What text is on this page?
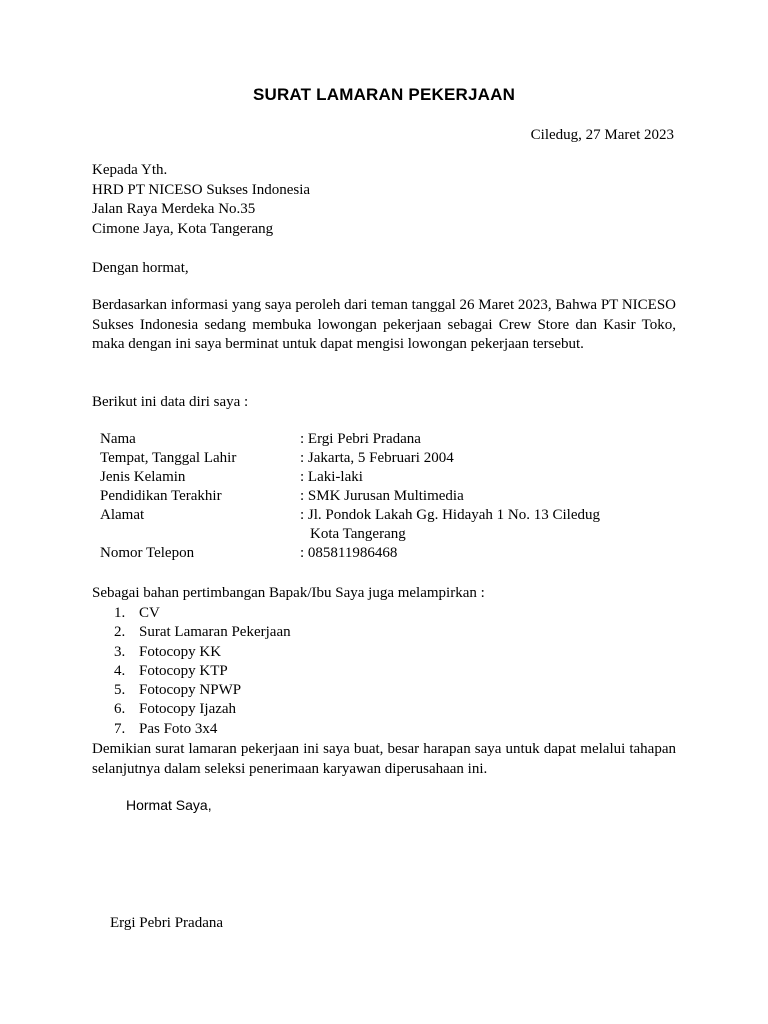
SURAT LAMARAN PEKERJAAN
Ciledug, 27 Maret 2023
Kepada Yth.
HRD PT NICESO Sukses Indonesia
Jalan Raya Merdeka No.35
Cimone Jaya, Kota Tangerang
Dengan hormat,
Berdasarkan informasi yang saya peroleh dari teman tanggal 26 Maret 2023, Bahwa PT NICESO Sukses Indonesia sedang membuka lowongan pekerjaan sebagai Crew Store dan Kasir Toko, maka dengan ini saya berminat untuk dapat mengisi lowongan pekerjaan tersebut.
Berikut ini data diri saya :
Nama	: Ergi Pebri Pradana
Tempat, Tanggal Lahir	: Jakarta, 5 Februari 2004
Jenis Kelamin	: Laki-laki
Pendidikan Terakhir	: SMK Jurusan Multimedia
Alamat	: Jl. Pondok Lakah Gg. Hidayah 1 No. 13 Ciledug
Kota Tangerang
Nomor Telepon	: 085811986468
Sebagai bahan pertimbangan Bapak/Ibu Saya juga melampirkan :
1. CV
2. Surat Lamaran Pekerjaan
3. Fotocopy KK
4. Fotocopy KTP
5. Fotocopy NPWP
6. Fotocopy Ijazah
7. Pas Foto 3x4
Demikian surat lamaran pekerjaan ini saya buat, besar harapan saya untuk dapat melalui tahapan selanjutnya dalam seleksi penerimaan karyawan diperusahaan ini.
Hormat Saya,
Ergi Pebri Pradana
